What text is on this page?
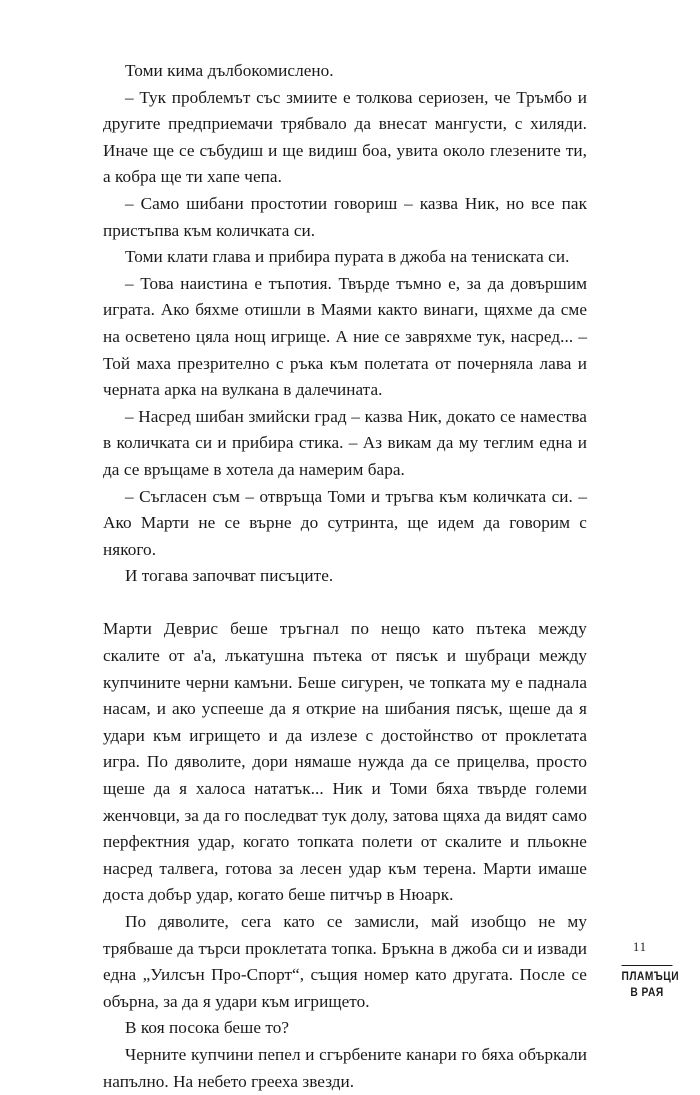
Томи кима дълбокомислено.

– Тук проблемът със змиите е толкова сериозен, че Тръмбо и другите предприемачи трябвало да внесат мангусти, с хиляди. Иначе ще се събудиш и ще видиш боа, увита около глезените ти, а кобра ще ти хапе чепа.

– Само шибани простотии говориш – казва Ник, но все пак пристъпва към количката си.

Томи клати глава и прибира пурата в джоба на тениската си.

– Това наистина е тъпотия. Твърде тъмно е, за да довършим играта. Ако бяхме отишли в Маями както винаги, щяхме да сме на осветено цяла нощ игрище. А ние се завряхме тук, насред... – Той маха презрително с ръка към полетата от почерняла лава и черната арка на вулкана в далечината.

– Насред шибан змийски град – казва Ник, докато се намества в количката си и прибира стика. – Аз викам да му теглим една и да се връщаме в хотела да намерим бара.

– Съгласен съм – отвръща Томи и тръгва към количката си. – Ако Марти не се върне до сутринта, ще идем да говорим с някого.

И тогава започват писъците.

Марти Деврис беше тръгнал по нещо като пътека между скалите от а'а, лъкатушна пътека от пясък и шубраци между купчините черни камъни. Беше сигурен, че топката му е паднала насам, и ако успееше да я открие на шибания пясък, щеше да я удари към игрището и да излезе с достойнство от проклетата игра. По дяволите, дори нямаше нужда да се прицелва, просто щеше да я халоса нататък... Ник и Томи бяха твърде големи женчовци, за да го последват тук долу, затова щяха да видят само перфектния удар, когато топката полети от скалите и пльокне насред талвега, готова за лесен удар към терена. Марти имаше доста добър удар, когато беше питчър в Нюарк.

По дяволите, сега като се замисли, май изобщо не му трябваше да търси проклетата топка. Бръкна в джоба си и извади една „Уилсън Про-Спорт“, същия номер като другата. После се обърна, за да я удари към игрището.

В коя посока беше то?

Черните купчини пепел и сгърбените канари го бяха объркали напълно. На небето грееха звезди.

11
ПЛАМЪЦИ
В РАЯ
